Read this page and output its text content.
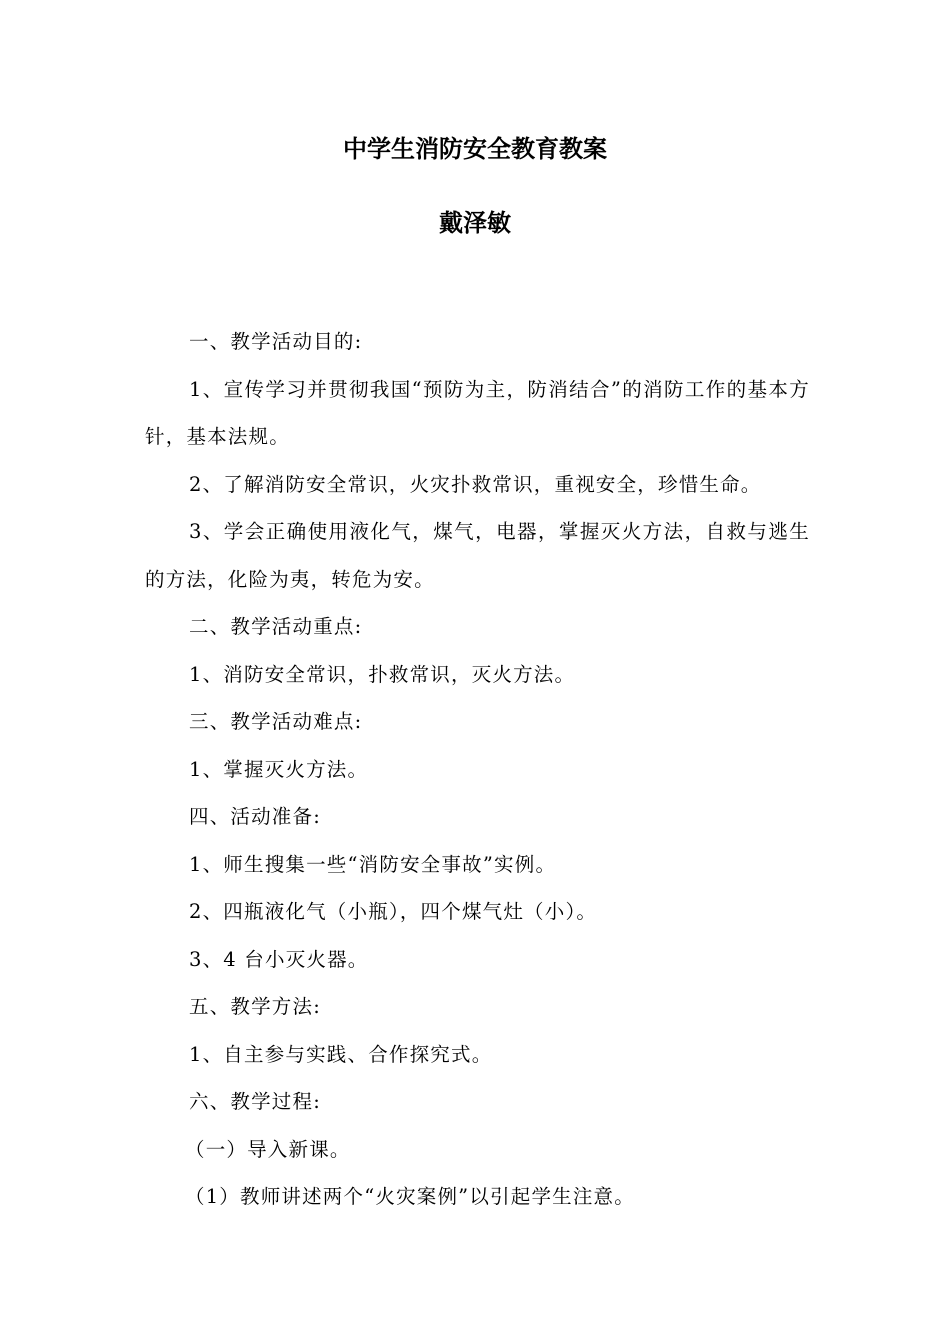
中学生消防安全教育教案
戴泽敏

一、教学活动目的:

1、宣传学习并贯彻我国“预防为主，防消结合”的消防工作的基本方针，基本法规。

2、了解消防安全常识，火灾扑救常识，重视安全，珍惜生命。

3、学会正确使用液化气，煤气，电器，掌握灭火方法，自救与逃生的方法，化险为夷，转危为安。

二、教学活动重点:

1、消防安全常识，扑救常识，灭火方法。

三、教学活动难点:

1、掌握灭火方法。

四、活动准备:

1、师生搜集一些“消防安全事故”实例。

2、四瓶液化气（小瓶），四个煤气灶（小）。

3、4 台小灭火器。

五、教学方法:

1、自主参与实践、合作探究式。

六、教学过程:

（一）导入新课。

（1）教师讲述两个“火灾案例”以引起学生注意。
